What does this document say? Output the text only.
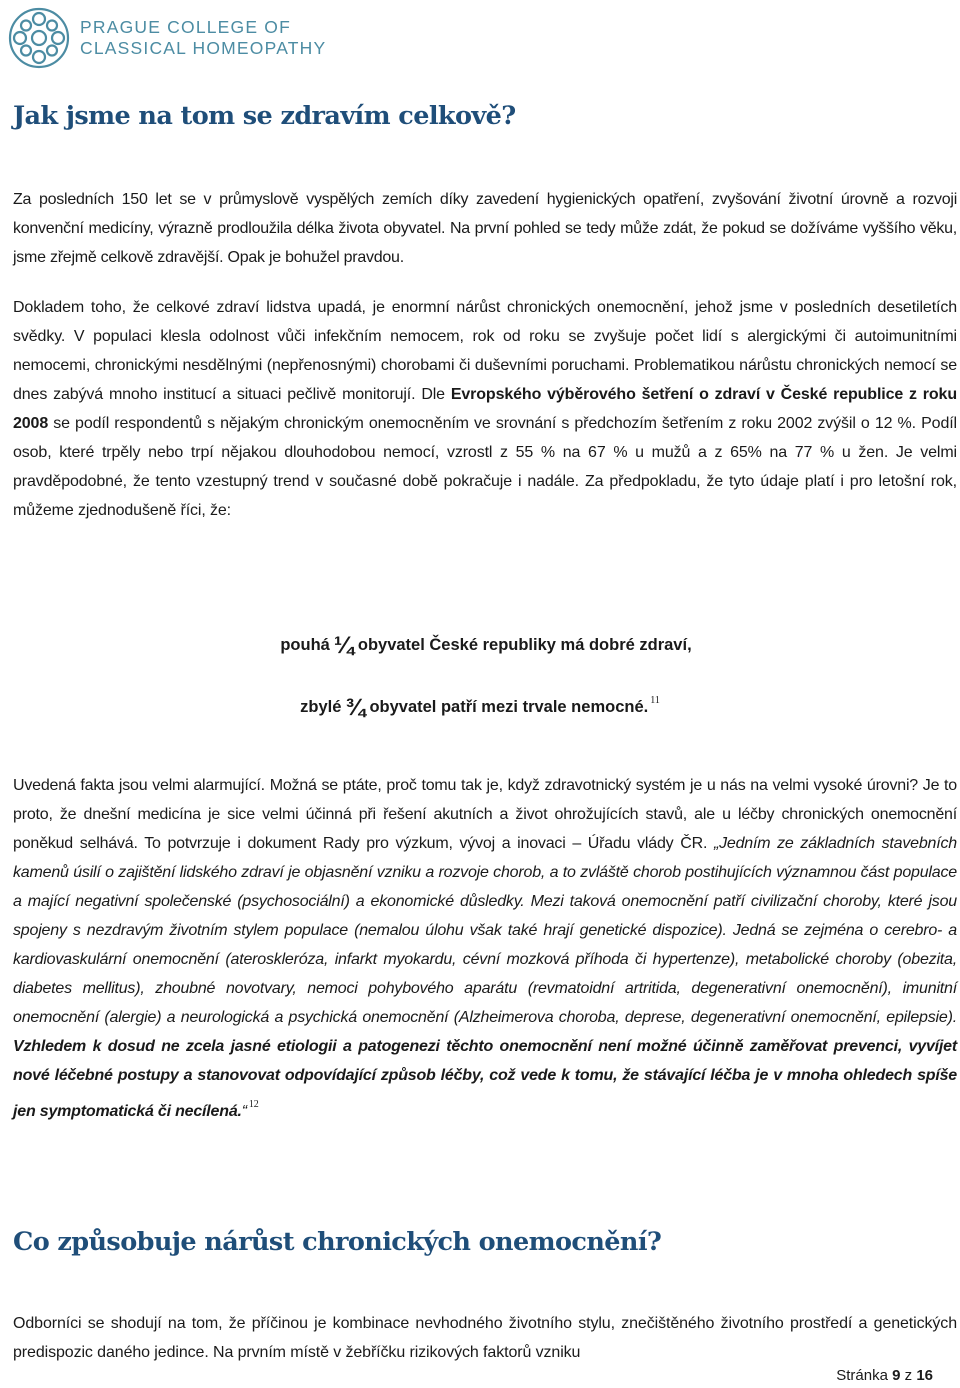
PRAGUE COLLEGE OF
CLASSICAL HOMEOPATHY
Jak jsme na tom se zdravím celkově?

Za posledních 150 let se v průmyslově vyspělých zemích díky zavedení hygienických opatření, zvyšování životní úrovně a rozvoji konvenční medicíny, výrazně prodloužila délka života obyvatel. Na první pohled se tedy může zdát, že pokud se dožíváme vyššího věku, jsme zřejmě celkově zdravější. Opak je bohužel pravdou.

Dokladem toho, že celkové zdraví lidstva upadá, je enormní nárůst chronických onemocnění, jehož jsme v posledních desetiletích svědky. V populaci klesla odolnost vůči infekčním nemocem, rok od roku se zvyšuje počet lidí s alergickými či autoimunitními nemocemi, chronickými nesdělnými (nepřenosnými) chorobami či duševními poruchami. Problematikou nárůstu chronických nemocí se dnes zabývá mnoho institucí a situaci pečlivě monitorují. Dle Evropského výběrového šetření o zdraví v České republice z roku 2008 se podíl respondentů s nějakým chronickým onemocněním ve srovnání s předchozím šetřením z roku 2002 zvýšil o 12 %. Podíl osob, které trpěly nebo trpí nějakou dlouhodobou nemocí, vzrostl z 55 % na 67 % u mužů a z 65% na 77 % u žen. Je velmi pravděpodobné, že tento vzestupný trend v současné době pokračuje i nadále. Za předpokladu, že tyto údaje platí i pro letošní rok, můžeme zjednodušeně říci, že:

pouhá ¼ obyvatel České republiky má dobré zdraví,

zbylé ¾ obyvatel patří mezi trvale nemocné. $^{11}$

Uvedená fakta jsou velmi alarmující. Možná se ptáte, proč tomu tak je, když zdravotnický systém je u nás na velmi vysoké úrovni? Je to proto, že dnešní medicína je sice velmi účinná při řešení akutních a život ohrožujících stavů, ale u léčby chronických onemocnění poněkud selhává. To potvrzuje i dokument Rady pro výzkum, vývoj a inovaci – Úřadu vlády ČR. „Jedním ze základních stavebních kamenů úsilí o zajištění lidského zdraví je objasnění vzniku a rozvoje chorob, a to zvláště chorob postihujících významnou část populace a mající negativní společenské (psychosociální) a ekonomické důsledky. Mezi taková onemocnění patří civilizační choroby, které jsou spojeny s nezdravým životním stylem populace (nemalou úlohu však také hrají genetické dispozice). Jedná se zejména o cerebro- a kardiovaskulární onemocnění (ateroskleróza, infarkt myokardu, cévní mozková příhoda či hypertenze), metabolické choroby (obezita, diabetes mellitus), zhoubné novotvary, nemoci pohybového aparátu (revmatoidní artritida, degenerativní onemocnění), imunitní onemocnění (alergie) a neurologická a psychická onemocnění (Alzheimerova choroba, deprese, degenerativní onemocnění, epilepsie). Vzhledem k dosud ne zcela jasné etiologii a patogenezi těchto onemocnění není možné účinně zaměřovat prevenci, vyvíjet nové léčebné postupy a stanovovat odpovídající způsob léčby, což vede k tomu, že stávající léčba je v mnoha ohledech spíše jen symptomatická či necílená.“ $^{12}$

Co způsobuje nárůst chronických onemocnění?

Odborníci se shodují na tom, že příčinou je kombinace nevhodného životního stylu, znečištěného životního prostředí a genetických predispozic daného jedince. Na prvním místě v žebříčku rizikových faktorů vzniku

Stránka 9 z 16
